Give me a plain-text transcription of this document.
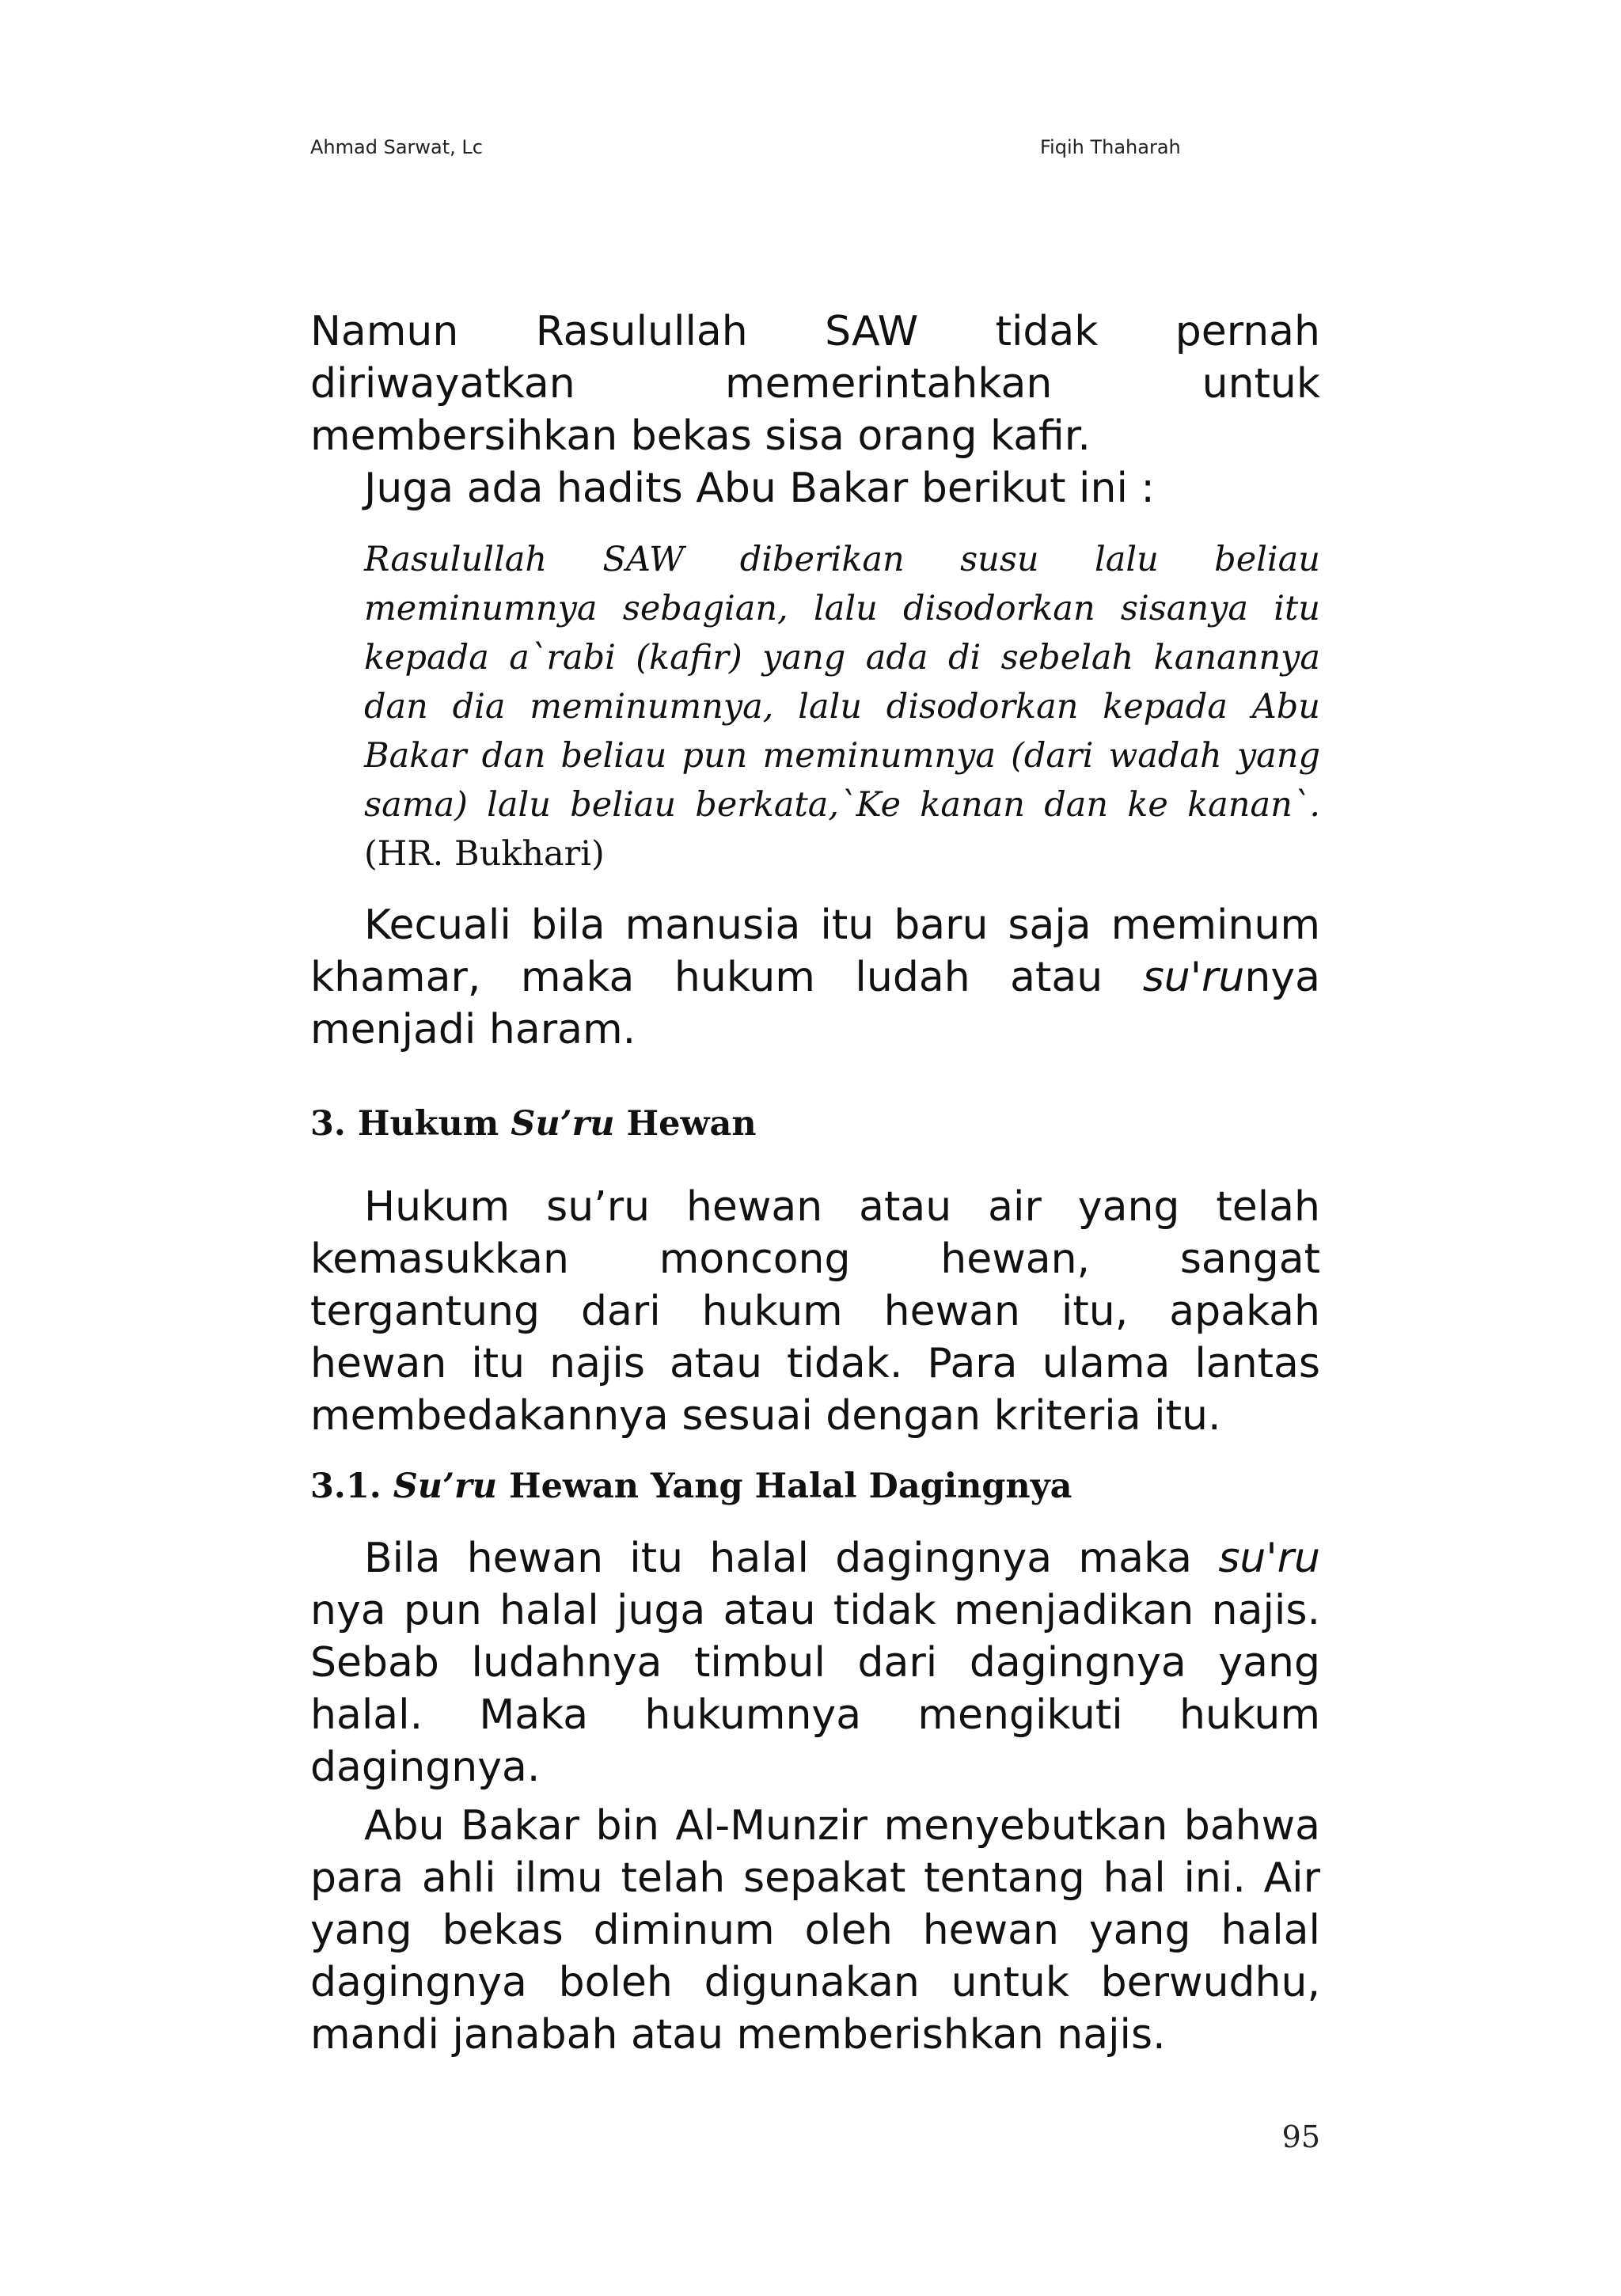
Ahmad Sarwat, Lc	Fiqih Thaharah

Namun Rasulullah SAW tidak pernah diriwayatkan memerintahkan untuk membersihkan bekas sisa orang kafir.

Juga ada hadits Abu Bakar berikut ini :

Rasulullah SAW diberikan susu lalu beliau meminumnya sebagian, lalu disodorkan sisanya itu kepada a`rabi (kafir) yang ada di sebelah kanannya dan dia meminumnya, lalu disodorkan kepada Abu Bakar dan beliau pun meminumnya (dari wadah yang sama) lalu beliau berkata,`Ke kanan dan ke kanan`. (HR. Bukhari)

Kecuali bila manusia itu baru saja meminum khamar, maka hukum ludah atau su'runya menjadi haram.

3. Hukum Su’ru Hewan

Hukum su’ru hewan atau air yang telah kemasukkan moncong hewan, sangat tergantung dari hukum hewan itu, apakah hewan itu najis atau tidak. Para ulama lantas membedakannya sesuai dengan kriteria itu.

3.1. Su’ru Hewan Yang Halal Dagingnya

Bila hewan itu halal dagingnya maka su'ru nya pun halal juga atau tidak menjadikan najis. Sebab ludahnya timbul dari dagingnya yang halal. Maka hukumnya mengikuti hukum dagingnya.

Abu Bakar bin Al-Munzir menyebutkan bahwa para ahli ilmu telah sepakat tentang hal ini. Air yang bekas diminum oleh hewan yang halal dagingnya boleh digunakan untuk berwudhu, mandi janabah atau memberishkan najis.

95
